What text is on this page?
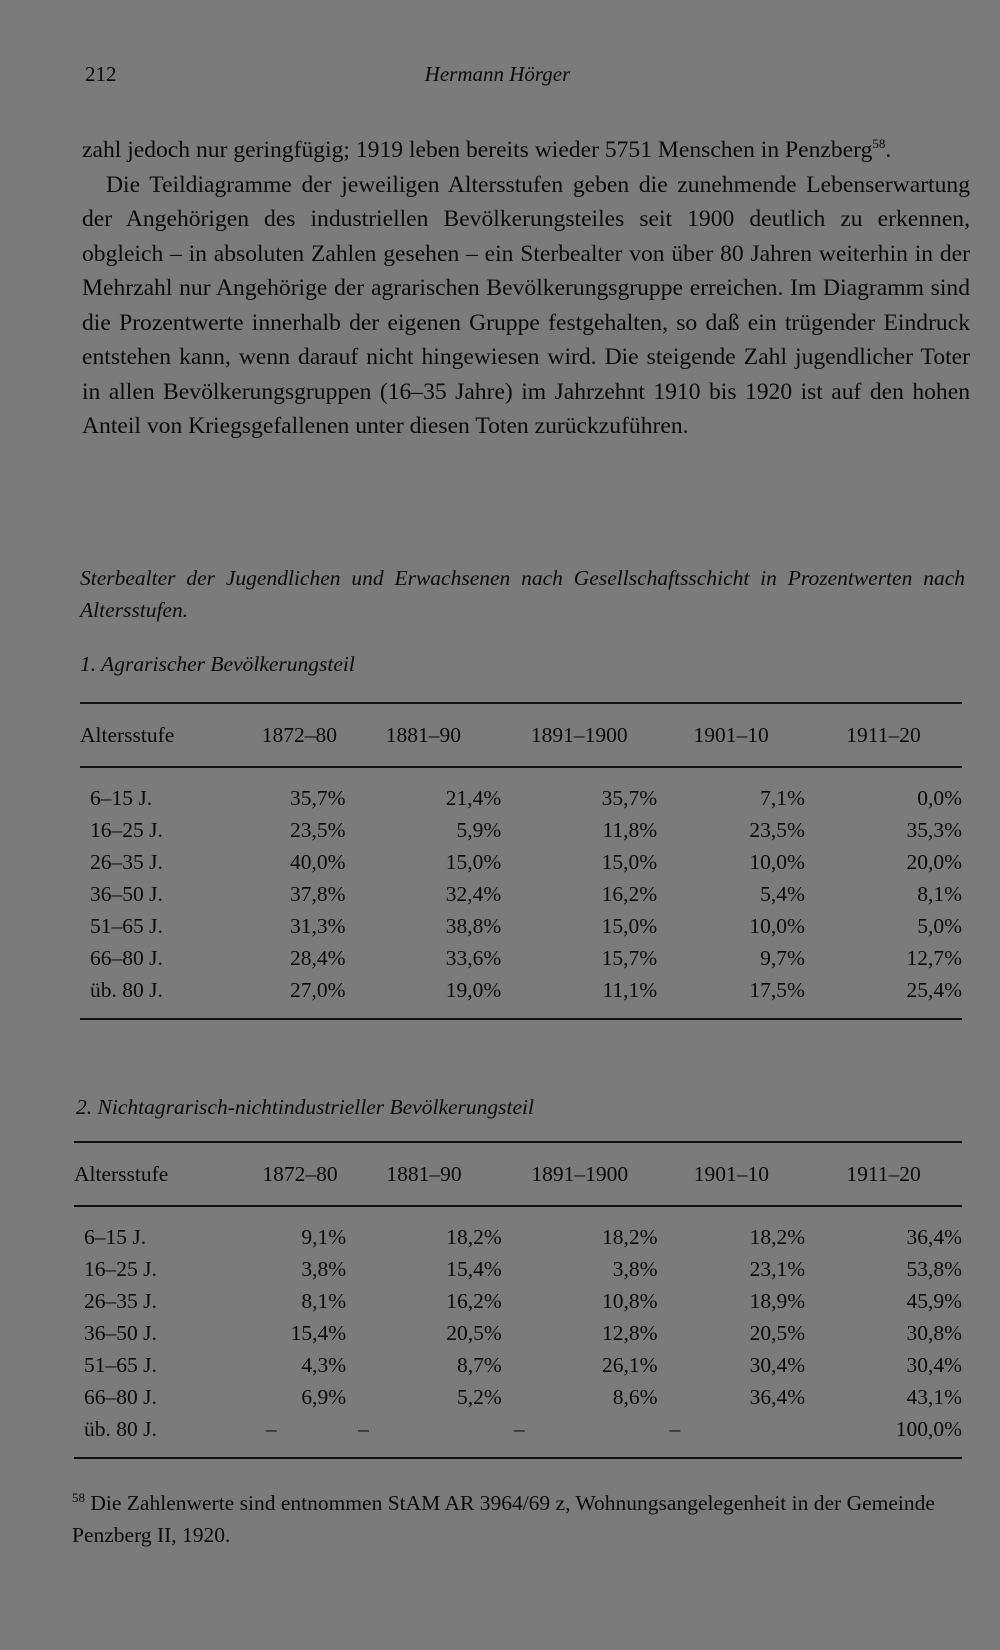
212	Hermann Hörger

zahl jedoch nur geringfügig; 1919 leben bereits wieder 5751 Menschen in Penzberg$^{58}$.

Die Teildiagramme der jeweiligen Altersstufen geben die zunehmende Lebenserwartung der Angehörigen des industriellen Bevölkerungsteiles seit 1900 deutlich zu erkennen, obgleich – in absoluten Zahlen gesehen – ein Sterbealter von über 80 Jahren weiterhin in der Mehrzahl nur Angehörige der agrarischen Bevölkerungsgruppe erreichen. Im Diagramm sind die Prozentwerte innerhalb der eigenen Gruppe festgehalten, so daß ein trügender Eindruck entstehen kann, wenn darauf nicht hingewiesen wird. Die steigende Zahl jugendlicher Toter in allen Bevölkerungsgruppen (16–35 Jahre) im Jahrzehnt 1910 bis 1920 ist auf den hohen Anteil von Kriegsgefallenen unter diesen Toten zurückzuführen.

Sterbealter der Jugendlichen und Erwachsenen nach Gesellschaftsschicht in Prozentwerten nach Altersstufen.
1. Agrarischer Bevölkerungsteil
Altersstufe	1872–80	1881–90	1891–1900	1901–10	1911–20
6–15 J.	35,7%	21,4%	35,7%	7,1%	0,0%
16–25 J.	23,5%	5,9%	11,8%	23,5%	35,3%
26–35 J.	40,0%	15,0%	15,0%	10,0%	20,0%
36–50 J.	37,8%	32,4%	16,2%	5,4%	8,1%
51–65 J.	31,3%	38,8%	15,0%	10,0%	5,0%
66–80 J.	28,4%	33,6%	15,7%	9,7%	12,7%
üb. 80 J.	27,0%	19,0%	11,1%	17,5%	25,4%
2. Nichtagrarisch-nichtindustrieller Bevölkerungsteil
Altersstufe	1872–80	1881–90	1891–1900	1901–10	1911–20
6–15 J.	9,1%	18,2%	18,2%	18,2%	36,4%
16–25 J.	3,8%	15,4%	3,8%	23,1%	53,8%
26–35 J.	8,1%	16,2%	10,8%	18,9%	45,9%
36–50 J.	15,4%	20,5%	12,8%	20,5%	30,8%
51–65 J.	4,3%	8,7%	26,1%	30,4%	30,4%
66–80 J.	6,9%	5,2%	8,6%	36,4%	43,1%
üb. 80 J.	–	–	–	–	100,0%
$^{58}$ Die Zahlenwerte sind entnommen StAM AR 3964/69 z, Wohnungsangelegenheit in der Gemeinde Penzberg II, 1920.
